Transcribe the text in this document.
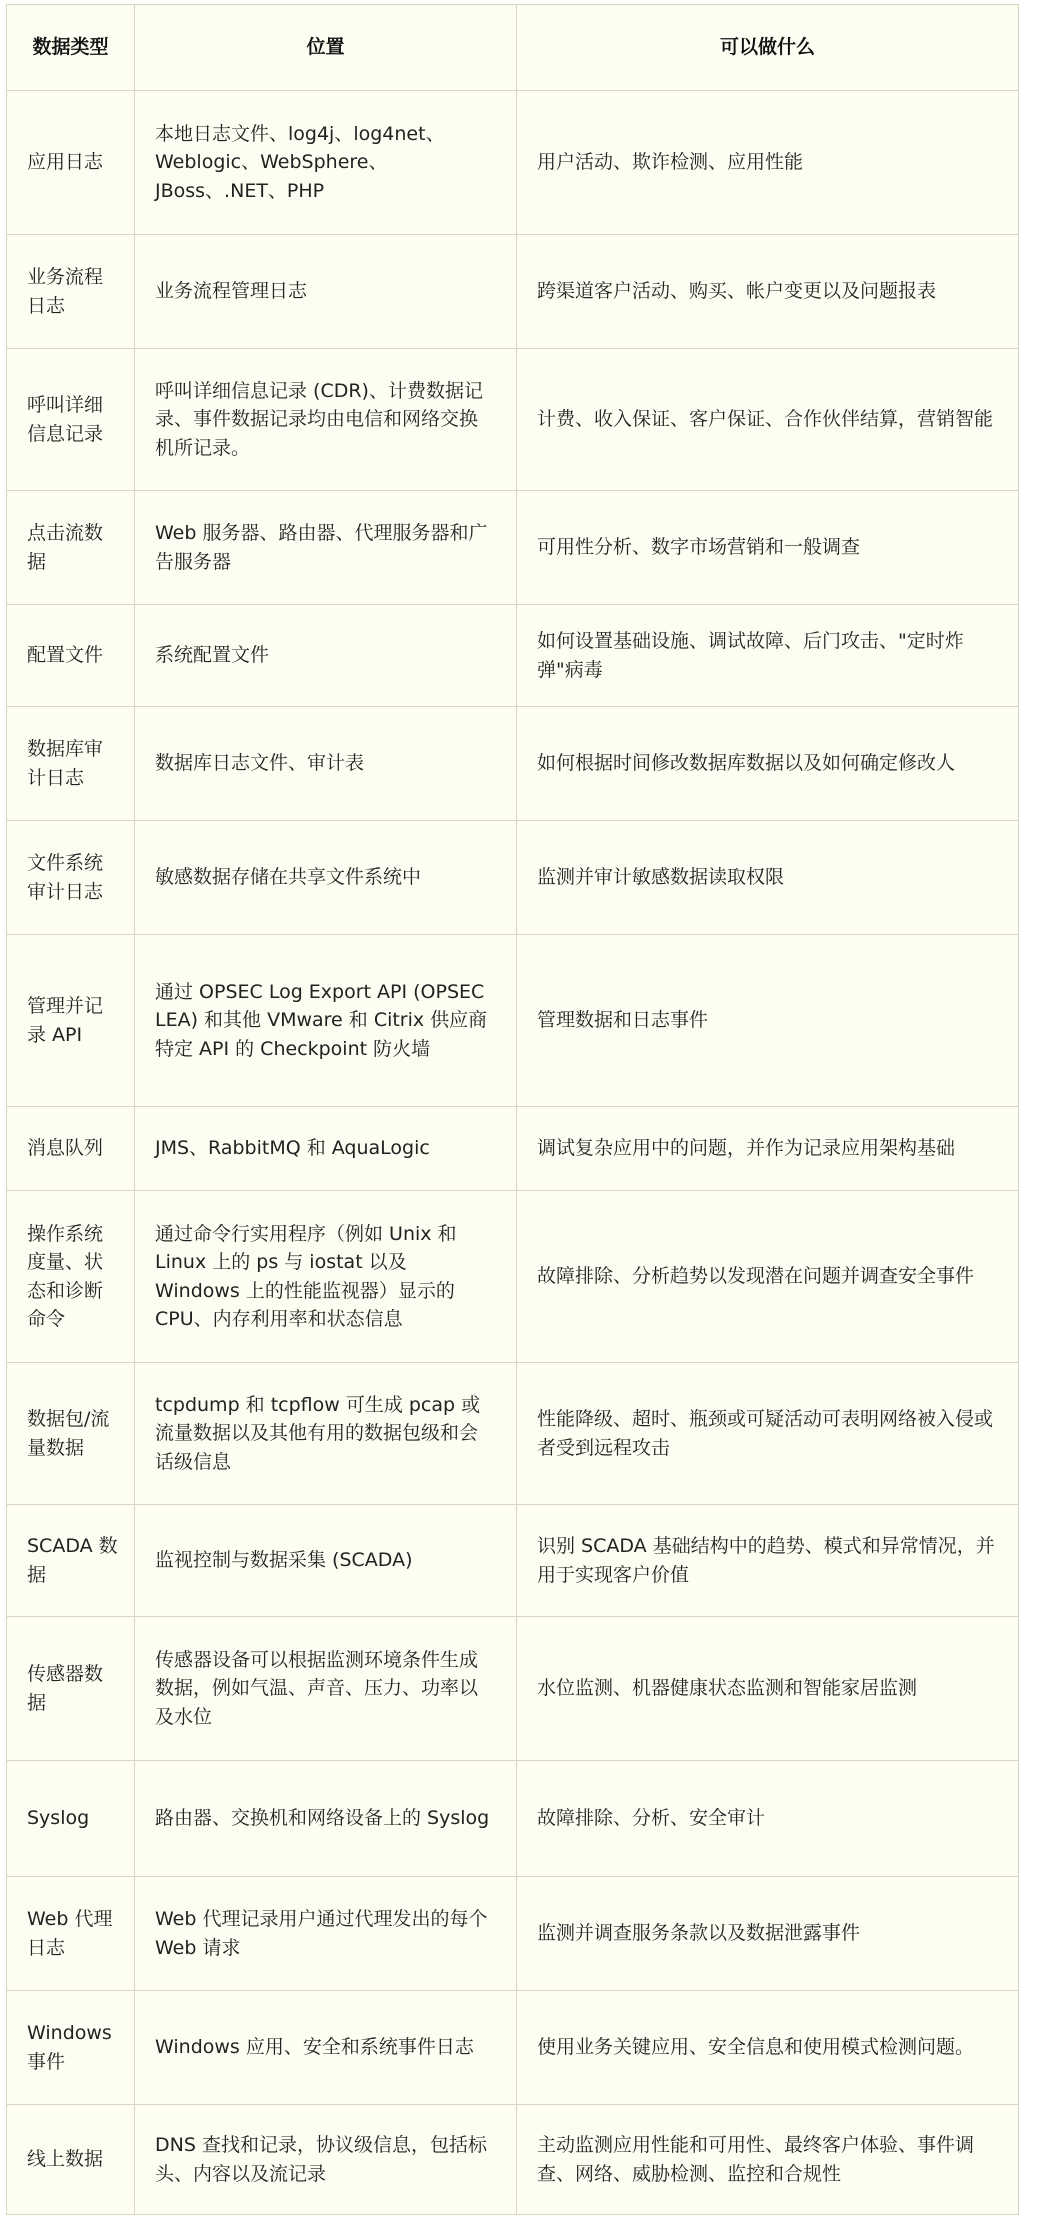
数据类型	位置	可以做什么
应用日志	本地日志文件、log4j、log4net、Weblogic、WebSphere、JBoss、.NET、PHP	用户活动、欺诈检测、应用性能
业务流程日志	业务流程管理日志	跨渠道客户活动、购买、帐户变更以及问题报表
呼叫详细信息记录	呼叫详细信息记录 (CDR)、计费数据记录、事件数据记录均由电信和网络交换机所记录。	计费、收入保证、客户保证、合作伙伴结算，营销智能
点击流数据	Web 服务器、路由器、代理服务器和广告服务器	可用性分析、数字市场营销和一般调查
配置文件	系统配置文件	如何设置基础设施、调试故障、后门攻击、"定时炸弹"病毒
数据库审计日志	数据库日志文件、审计表	如何根据时间修改数据库数据以及如何确定修改人
文件系统审计日志	敏感数据存储在共享文件系统中	监测并审计敏感数据读取权限
管理并记录 API	通过 OPSEC Log Export API (OPSEC LEA) 和其他 VMware 和 Citrix 供应商特定 API 的 Checkpoint 防火墙	管理数据和日志事件
消息队列	JMS、RabbitMQ 和 AquaLogic	调试复杂应用中的问题，并作为记录应用架构基础
操作系统度量、状态和诊断命令	通过命令行实用程序（例如 Unix 和 Linux 上的 ps 与 iostat 以及 Windows 上的性能监视器）显示的 CPU、内存利用率和状态信息	故障排除、分析趋势以发现潜在问题并调查安全事件
数据包/流量数据	tcpdump 和 tcpflow 可生成 pcap 或流量数据以及其他有用的数据包级和会话级信息	性能降级、超时、瓶颈或可疑活动可表明网络被入侵或者受到远程攻击
SCADA 数据	监视控制与数据采集 (SCADA)	识别 SCADA 基础结构中的趋势、模式和异常情况，并用于实现客户价值
传感器数据	传感器设备可以根据监测环境条件生成数据，例如气温、声音、压力、功率以及水位	水位监测、机器健康状态监测和智能家居监测
Syslog	路由器、交换机和网络设备上的 Syslog	故障排除、分析、安全审计
Web 代理日志	Web 代理记录用户通过代理发出的每个 Web 请求	监测并调查服务条款以及数据泄露事件
Windows 事件	Windows 应用、安全和系统事件日志	使用业务关键应用、安全信息和使用模式检测问题。
线上数据	DNS 查找和记录，协议级信息，包括标头、内容以及流记录	主动监测应用性能和可用性、最终客户体验、事件调查、网络、威胁检测、监控和合规性
